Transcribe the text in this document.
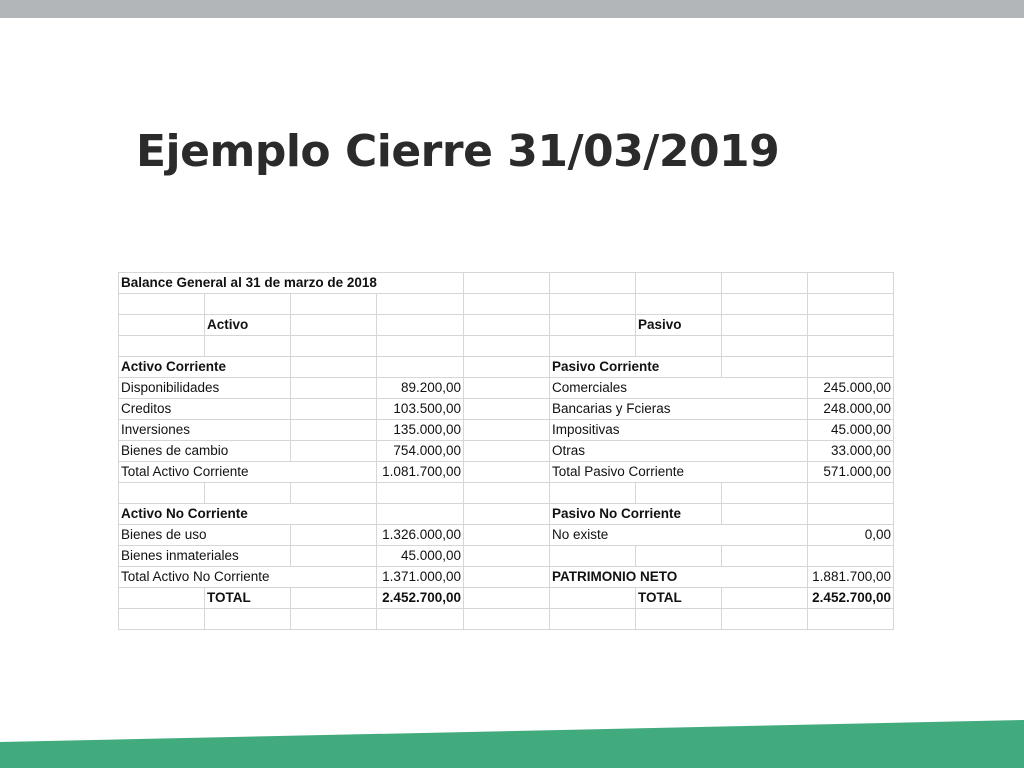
Ejemplo Cierre 31/03/2019
Balance General al 31 de marzo de 2018								

	Activo					Pasivo		

Activo Corriente					Pasivo Corriente			
Disponibilidades			89.200,00		Comerciales			245.000,00
Creditos			103.500,00		Bancarias y Fcieras			248.000,00
Inversiones			135.000,00		Impositivas			45.000,00
Bienes de cambio			754.000,00		Otras			33.000,00
Total Activo Corriente			1.081.700,00		Total Pasivo Corriente			571.000,00

Activo No Corriente					Pasivo No Corriente			
Bienes de uso			1.326.000,00		No existe			0,00
Bienes inmateriales			45.000,00					
Total Activo No Corriente			1.371.000,00		PATRIMONIO NETO			1.881.700,00
	TOTAL		2.452.700,00			TOTAL		2.452.700,00
